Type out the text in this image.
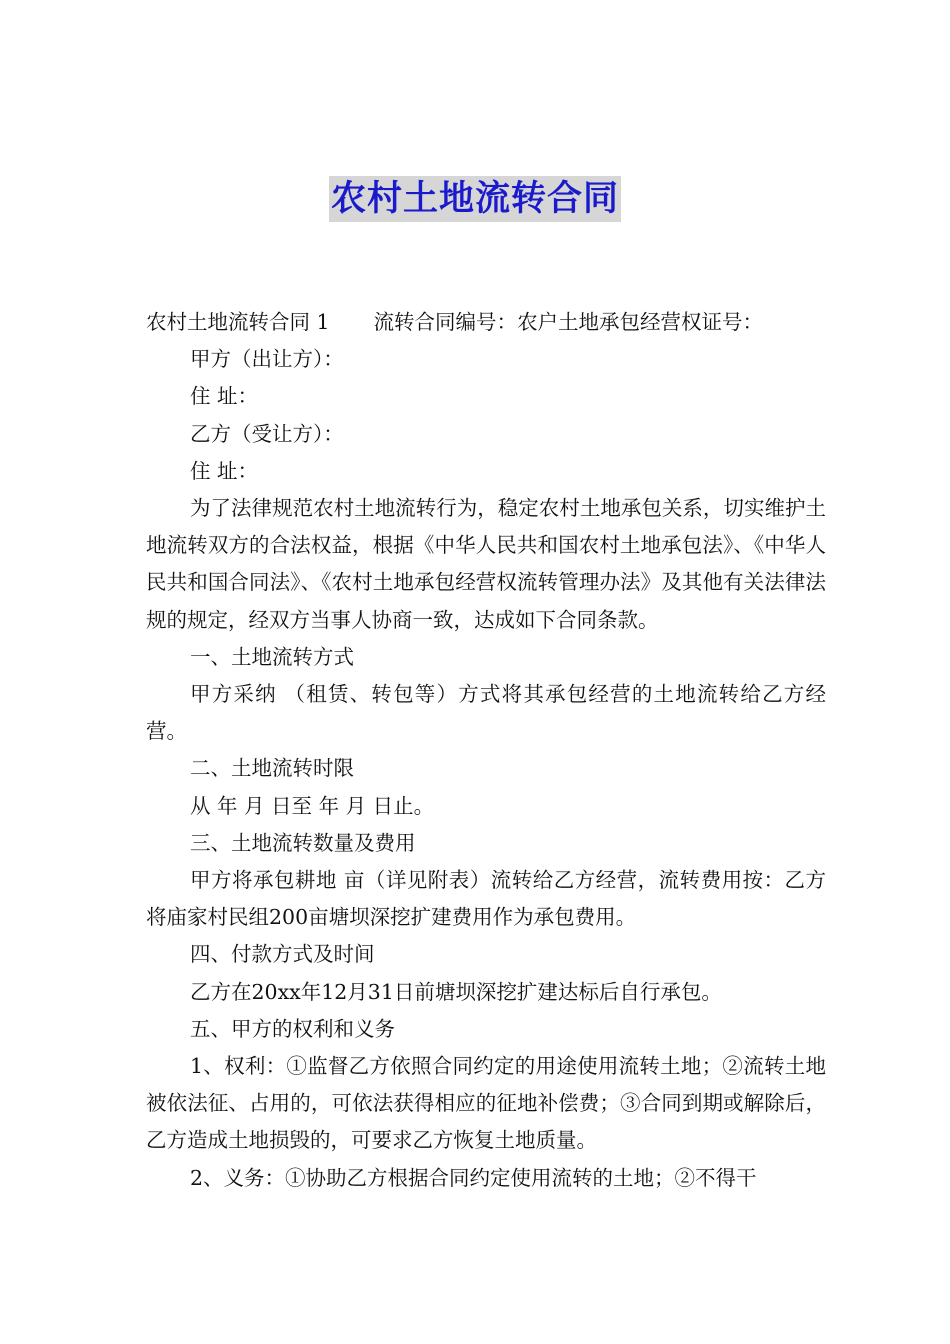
农村土地流转合同

农村土地流转合同 1 流转合同编号：农户土地承包经营权证号：

甲方（出让方）：

住 址：

乙方（受让方）：

住 址：

为了法律规范农村土地流转行为，稳定农村土地承包关系，切实维护土地流转双方的合法权益，根据《中华人民共和国农村土地承包法》、《中华人民共和国合同法》、《农村土地承包经营权流转管理办法》及其他有关法律法规的规定，经双方当事人协商一致，达成如下合同条款。

一、土地流转方式

甲方采纳 （租赁、转包等）方式将其承包经营的土地流转给乙方经营。

二、土地流转时限

从 年 月 日至 年 月 日止。

三、土地流转数量及费用

甲方将承包耕地 亩（详见附表）流转给乙方经营，流转费用按：乙方将庙家村民组200亩塘坝深挖扩建费用作为承包费用。

四、付款方式及时间

乙方在20xx年12月31日前塘坝深挖扩建达标后自行承包。

五、甲方的权利和义务

1、权利：①监督乙方依照合同约定的用途使用流转土地；②流转土地被依法征、占用的，可依法获得相应的征地补偿费；③合同到期或解除后，乙方造成土地损毁的，可要求乙方恢复土地质量。

2、义务：①协助乙方根据合同约定使用流转的土地；②不得干
